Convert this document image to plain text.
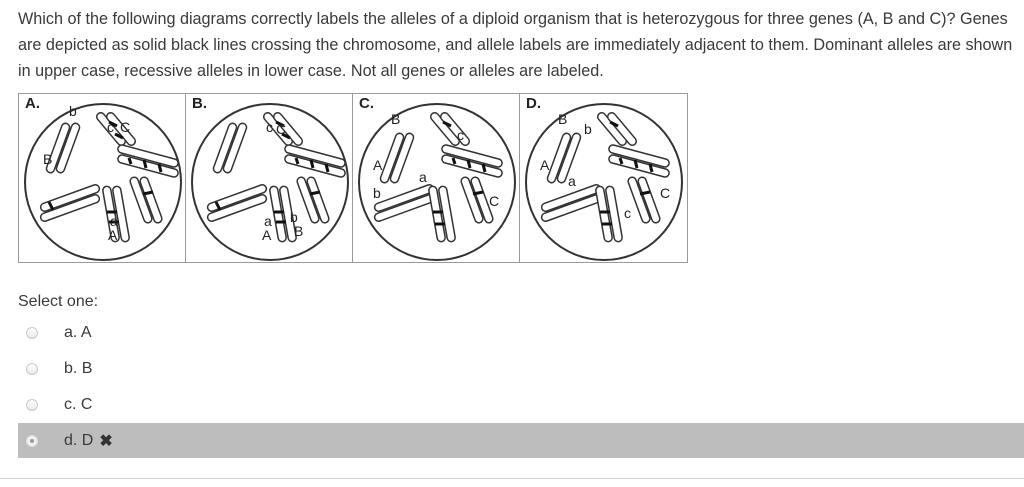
Which of the following diagrams correctly labels the alleles of a diploid organism that is heterozygous for three genes (A, B and C)? Genes are depicted as solid black lines crossing the chromosome, and allele labels are immediately adjacent to them. Dominant alleles are shown in upper case, recessive alleles in lower case. Not all genes or alleles are labeled.
b
c C
B
a
A
A.
c C
a
A
b
B
B.
B
c
A
a
b	C
C.
B
b
A
a
c
C
D.
Select one:
a. A
b. B
c. C
d. D ✖
